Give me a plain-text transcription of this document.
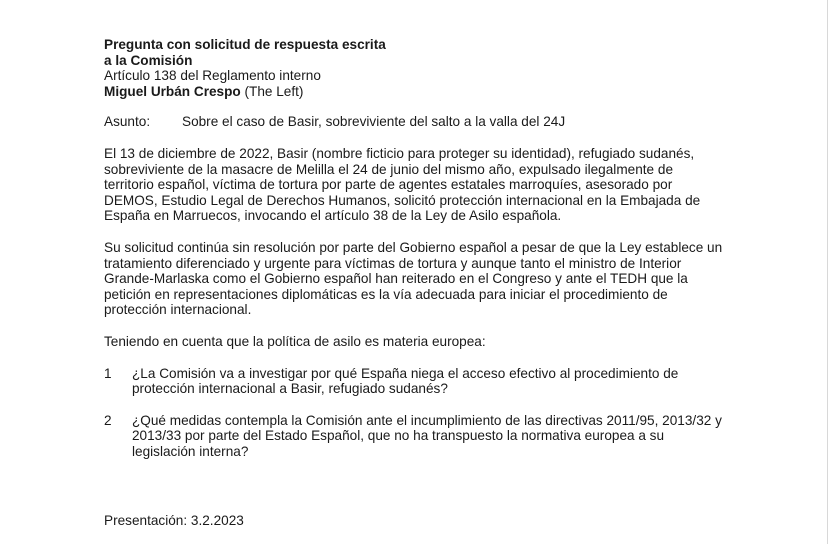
Pregunta con solicitud de respuesta escrita
a la Comisión
Artículo 138 del Reglamento interno
Miguel Urbán Crespo (The Left)
Asunto:	Sobre el caso de Basir, sobreviviente del salto a la valla del 24J
El 13 de diciembre de 2022, Basir (nombre ficticio para proteger su identidad), refugiado sudanés, sobreviviente de la masacre de Melilla el 24 de junio del mismo año, expulsado ilegalmente de territorio español, víctima de tortura por parte de agentes estatales marroquíes, asesorado por DEMOS, Estudio Legal de Derechos Humanos, solicitó protección internacional en la Embajada de España en Marruecos, invocando el artículo 38 de la Ley de Asilo española.
Su solicitud continúa sin resolución por parte del Gobierno español a pesar de que la Ley establece un tratamiento diferenciado y urgente para víctimas de tortura y aunque tanto el ministro de Interior Grande-Marlaska como el Gobierno español han reiterado en el Congreso y ante el TEDH que la petición en representaciones diplomáticas es la vía adecuada para iniciar el procedimiento de protección internacional.
Teniendo en cuenta que la política de asilo es materia europea:
1	¿La Comisión va a investigar por qué España niega el acceso efectivo al procedimiento de protección internacional a Basir, refugiado sudanés?
2	¿Qué medidas contempla la Comisión ante el incumplimiento de las directivas 2011/95, 2013/32 y 2013/33 por parte del Estado Español, que no ha transpuesto la normativa europea a su legislación interna?
Presentación: 3.2.2023
